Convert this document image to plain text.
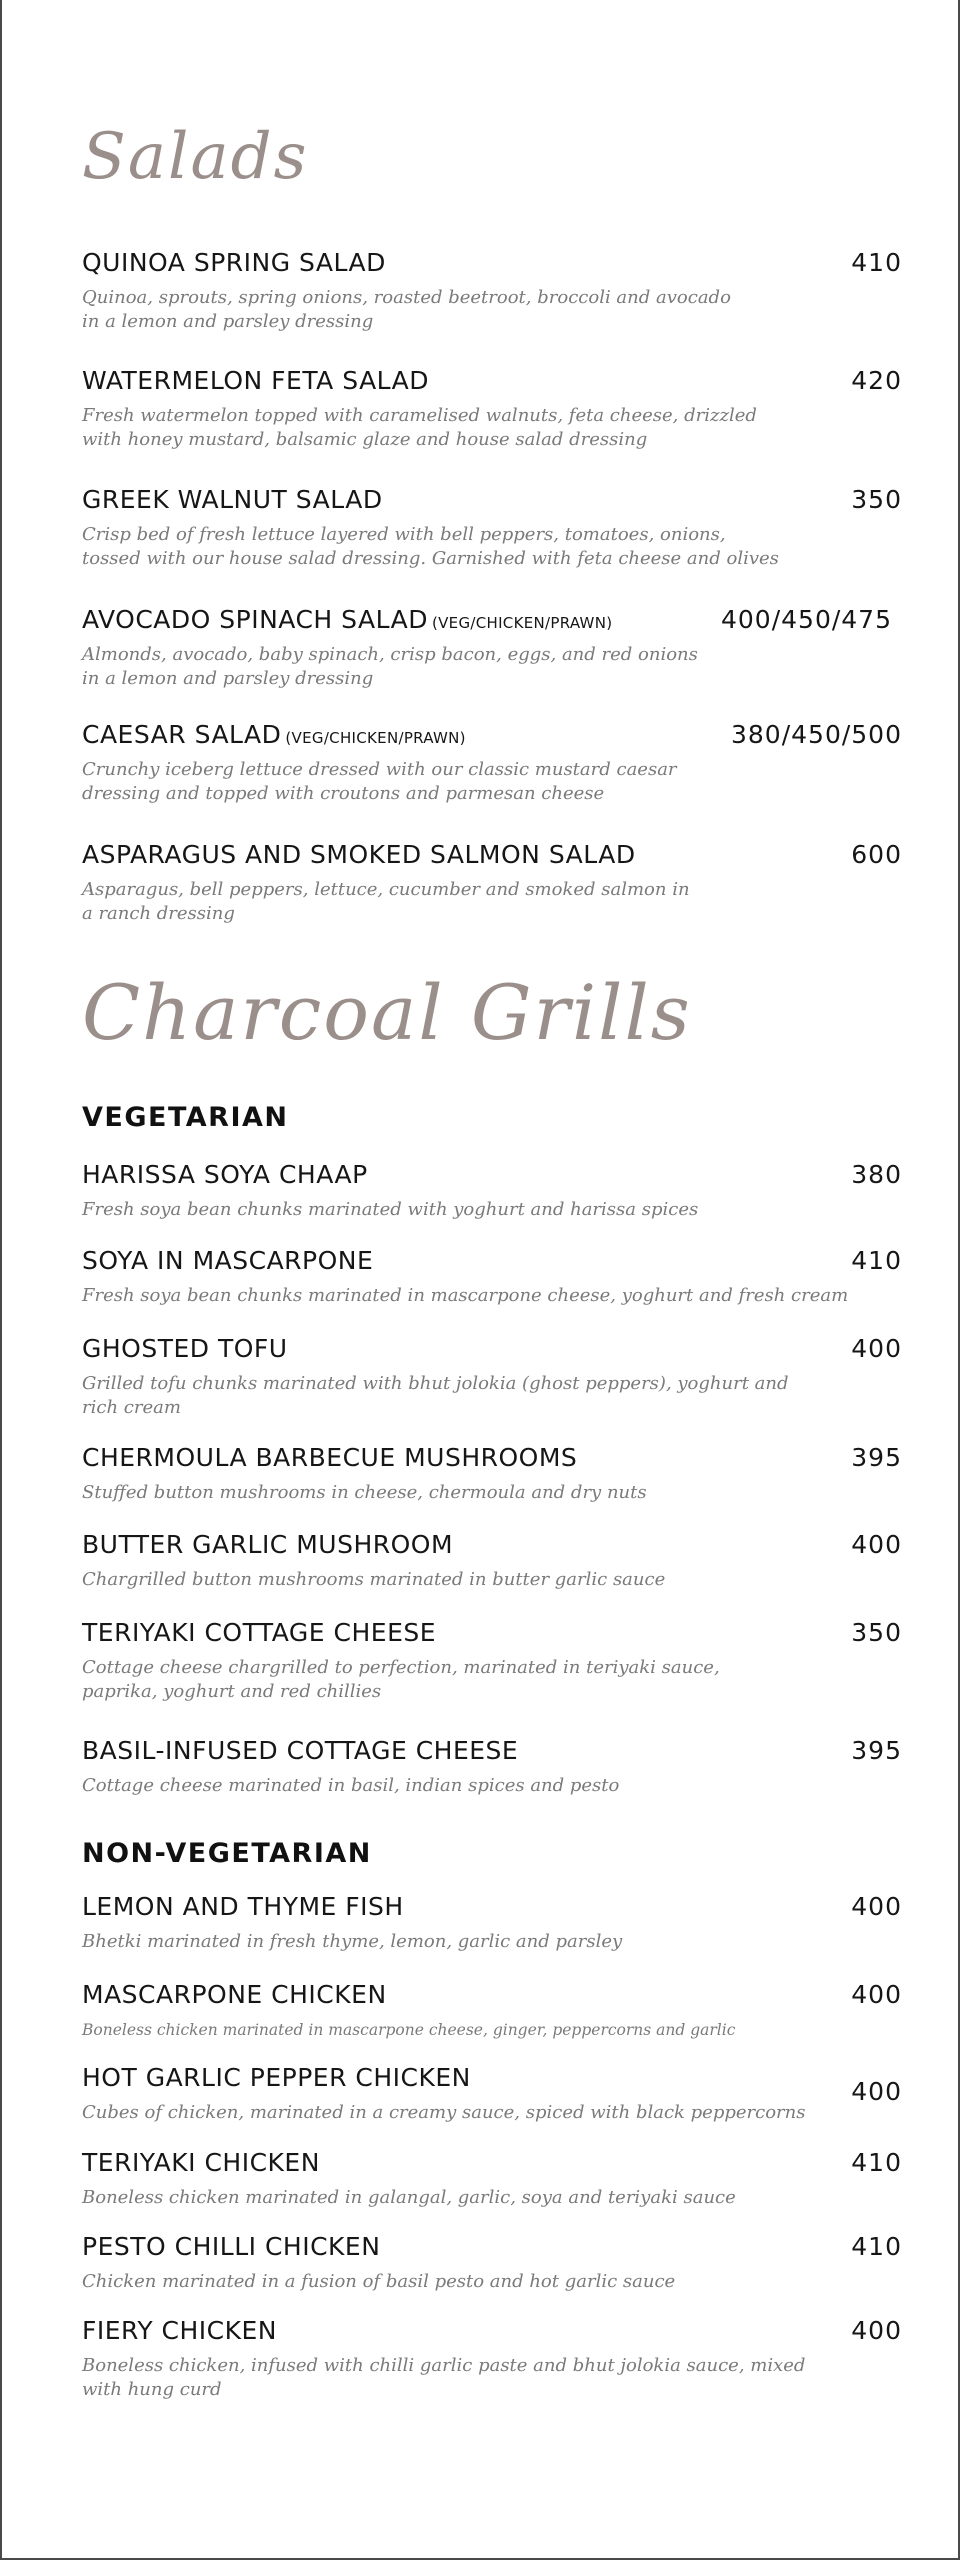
Salads
QUINOA SPRING SALAD	410
Quinoa, sprouts, spring onions, roasted beetroot, broccoli and avocado
in a lemon and parsley dressing
WATERMELON FETA SALAD	420
Fresh watermelon topped with caramelised walnuts, feta cheese, drizzled
with honey mustard, balsamic glaze and house salad dressing
GREEK WALNUT SALAD	350
Crisp bed of fresh lettuce layered with bell peppers, tomatoes, onions,
tossed with our house salad dressing. Garnished with feta cheese and olives
AVOCADO SPINACH SALAD (VEG/CHICKEN/PRAWN)	400/450/475
Almonds, avocado, baby spinach, crisp bacon, eggs, and red onions
in a lemon and parsley dressing
CAESAR SALAD (VEG/CHICKEN/PRAWN)	380/450/500
Crunchy iceberg lettuce dressed with our classic mustard caesar
dressing and topped with croutons and parmesan cheese
ASPARAGUS AND SMOKED SALMON SALAD	600
Asparagus, bell peppers, lettuce, cucumber and smoked salmon in
a ranch dressing
Charcoal Grills
VEGETARIAN
HARISSA SOYA CHAAP	380
Fresh soya bean chunks marinated with yoghurt and harissa spices
SOYA IN MASCARPONE	410
Fresh soya bean chunks marinated in mascarpone cheese, yoghurt and fresh cream
GHOSTED TOFU	400
Grilled tofu chunks marinated with bhut jolokia (ghost peppers), yoghurt and
rich cream
CHERMOULA BARBECUE MUSHROOMS	395
Stuffed button mushrooms in cheese, chermoula and dry nuts
BUTTER GARLIC MUSHROOM	400
Chargrilled button mushrooms marinated in butter garlic sauce
TERIYAKI COTTAGE CHEESE	350
Cottage cheese chargrilled to perfection, marinated in teriyaki sauce,
paprika, yoghurt and red chillies
BASIL-INFUSED COTTAGE CHEESE	395
Cottage cheese marinated in basil, indian spices and pesto
NON-VEGETARIAN
LEMON AND THYME FISH	400
Bhetki marinated in fresh thyme, lemon, garlic and parsley
MASCARPONE CHICKEN	400
Boneless chicken marinated in mascarpone cheese, ginger, peppercorns and garlic
HOT GARLIC PEPPER CHICKEN	400
Cubes of chicken, marinated in a creamy sauce, spiced with black peppercorns
TERIYAKI CHICKEN	410
Boneless chicken marinated in galangal, garlic, soya and teriyaki sauce
PESTO CHILLI CHICKEN	410
Chicken marinated in a fusion of basil pesto and hot garlic sauce
FIERY CHICKEN	400
Boneless chicken, infused with chilli garlic paste and bhut jolokia sauce, mixed
with hung curd
